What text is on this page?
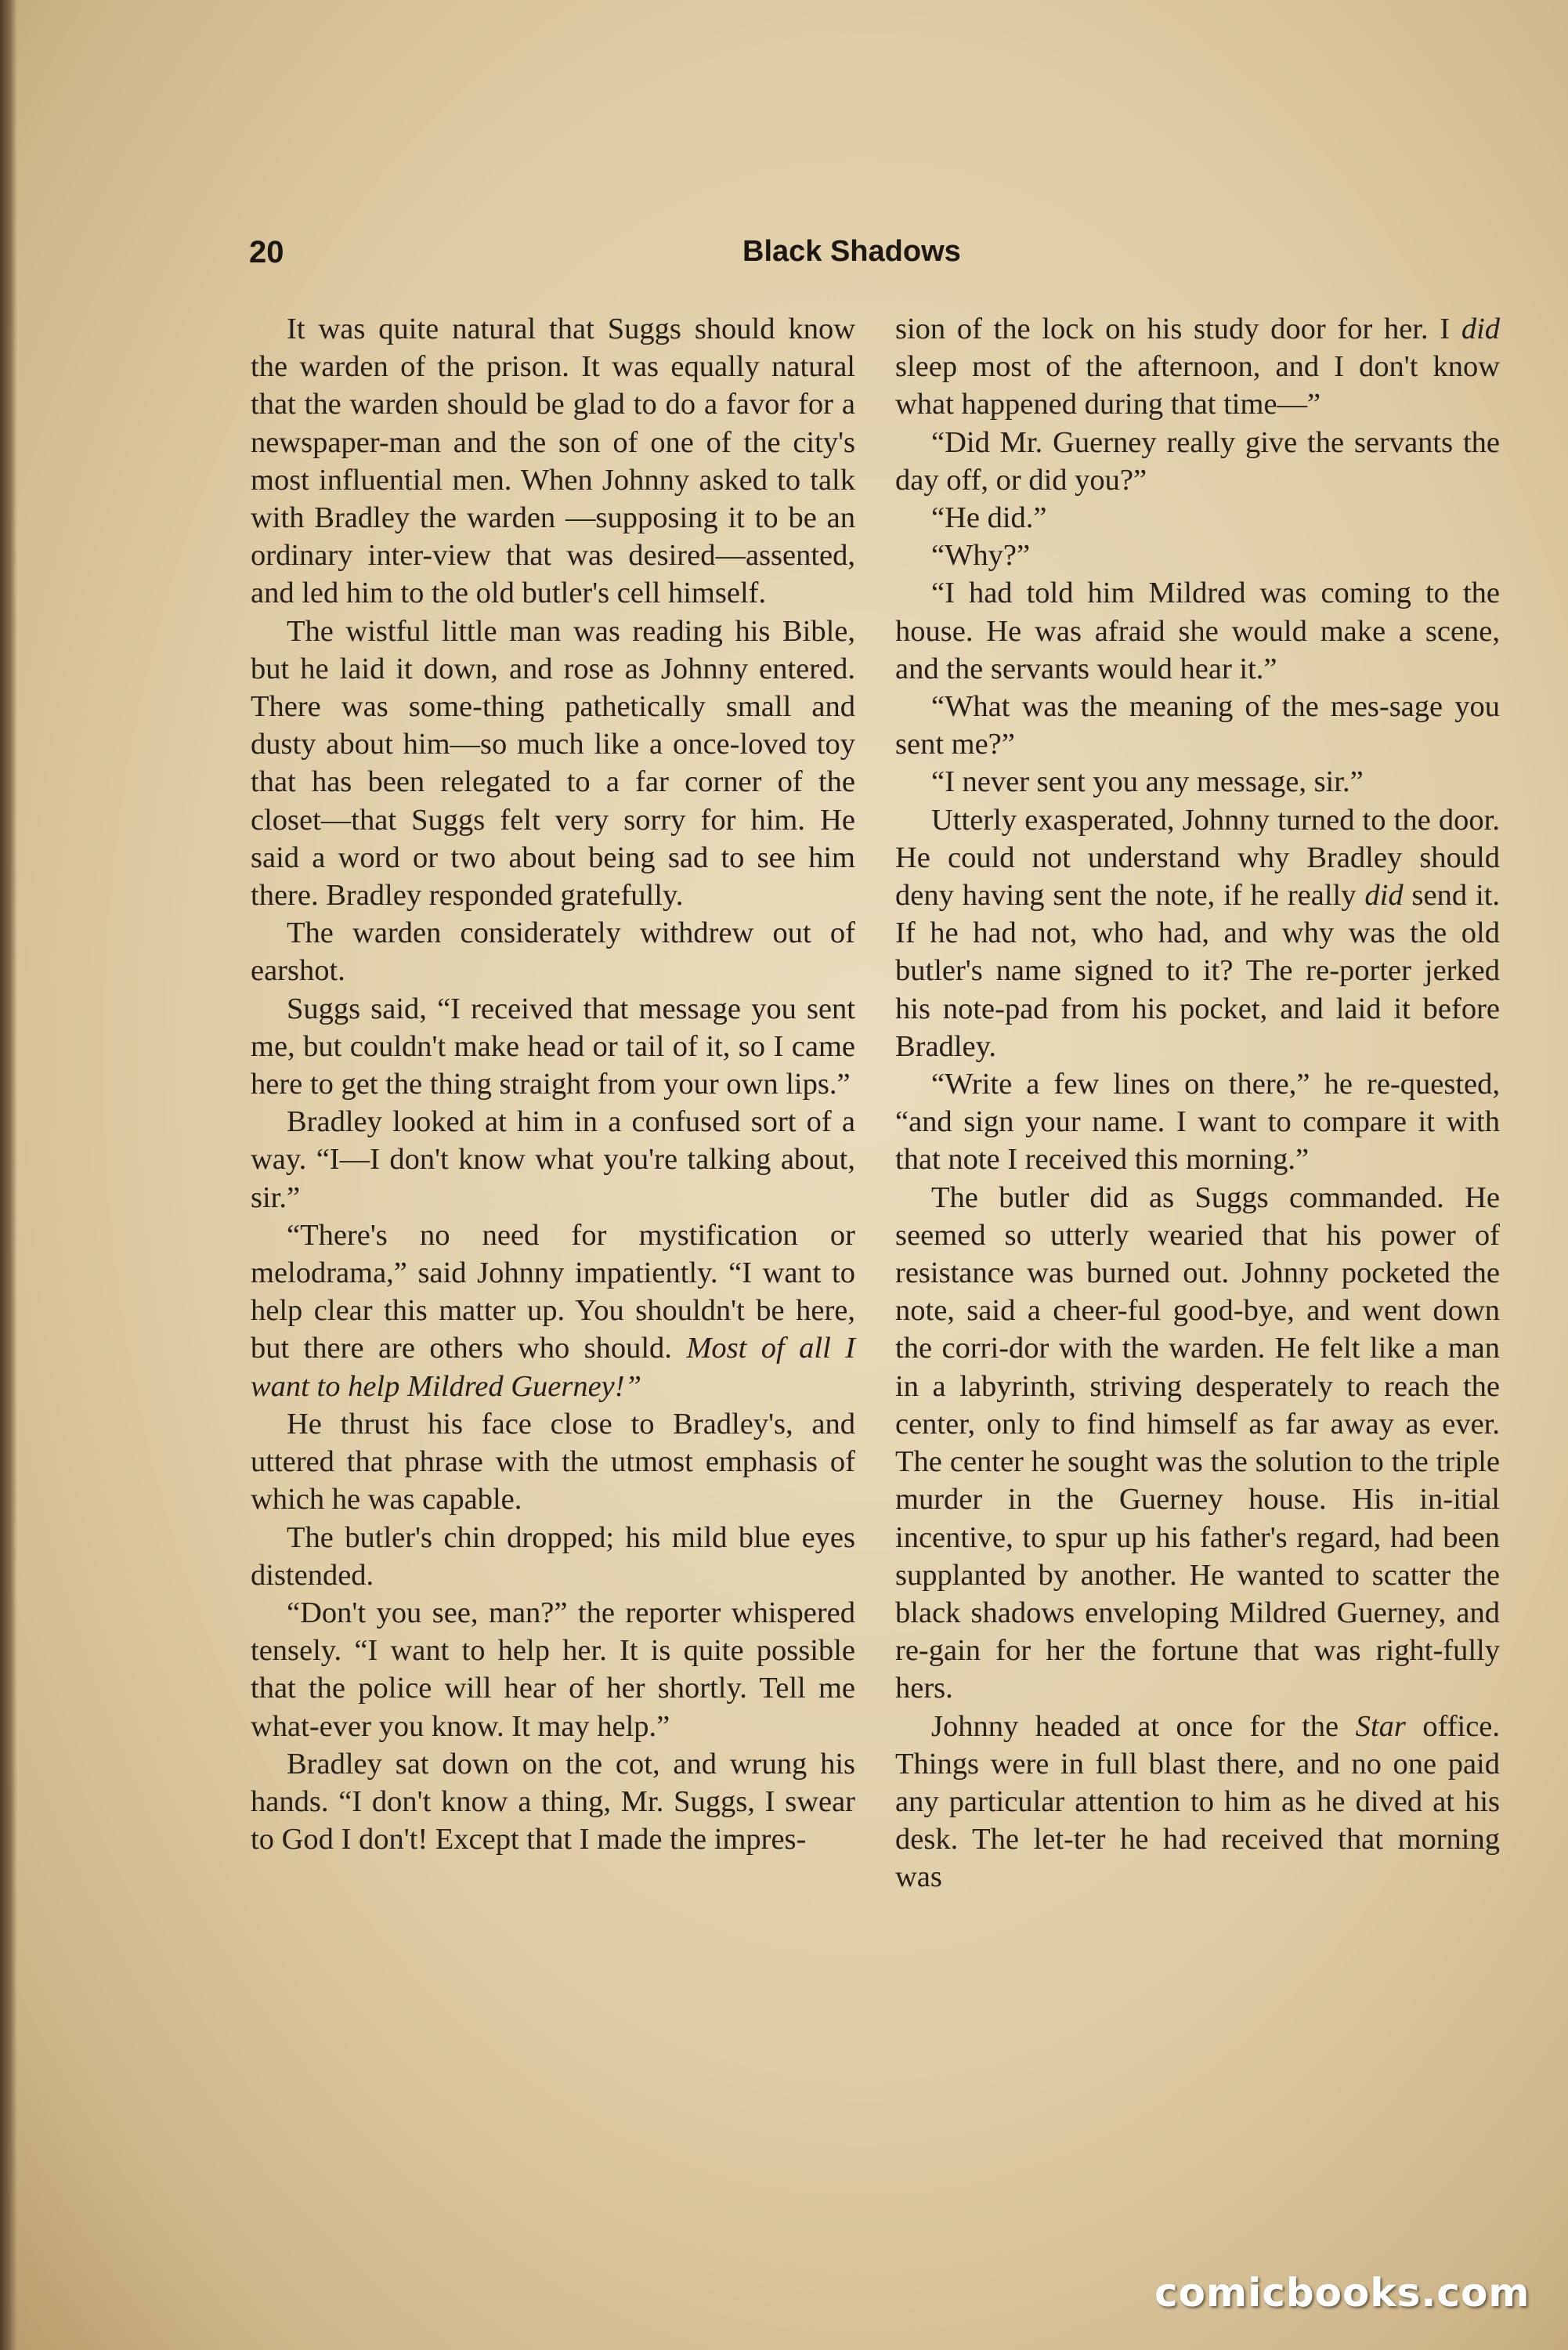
20	Black Shadows

It was quite natural that Suggs should know the warden of the prison. It was equally natural that the warden should be glad to do a favor for a newspaper-man and the son of one of the city's most influential men. When Johnny asked to talk with Bradley the warden —supposing it to be an ordinary inter-view that was desired—assented, and led him to the old butler's cell himself.

The wistful little man was reading his Bible, but he laid it down, and rose as Johnny entered. There was some-thing pathetically small and dusty about him—so much like a once-loved toy that has been relegated to a far corner of the closet—that Suggs felt very sorry for him. He said a word or two about being sad to see him there. Bradley responded gratefully.

The warden considerately withdrew out of earshot.

Suggs said, “I received that message you sent me, but couldn't make head or tail of it, so I came here to get the thing straight from your own lips.”

Bradley looked at him in a confused sort of a way. “I—I don't know what you're talking about, sir.”

“There's no need for mystification or melodrama,” said Johnny impatiently. “I want to help clear this matter up. You shouldn't be here, but there are others who should. Most of all I want to help Mildred Guerney!”

He thrust his face close to Bradley's, and uttered that phrase with the utmost emphasis of which he was capable.

The butler's chin dropped; his mild blue eyes distended.

“Don't you see, man?” the reporter whispered tensely. “I want to help her. It is quite possible that the police will hear of her shortly. Tell me what-ever you know. It may help.”

Bradley sat down on the cot, and wrung his hands. “I don't know a thing, Mr. Suggs, I swear to God I don't! Except that I made the impres-

sion of the lock on his study door for her. I did sleep most of the afternoon, and I don't know what happened during that time—”

“Did Mr. Guerney really give the servants the day off, or did you?”

“He did.”

“Why?”

“I had told him Mildred was coming to the house. He was afraid she would make a scene, and the servants would hear it.”

“What was the meaning of the mes-sage you sent me?”

“I never sent you any message, sir.”

Utterly exasperated, Johnny turned to the door. He could not understand why Bradley should deny having sent the note, if he really did send it. If he had not, who had, and why was the old butler's name signed to it? The re-porter jerked his note-pad from his pocket, and laid it before Bradley.

“Write a few lines on there,” he re-quested, “and sign your name. I want to compare it with that note I received this morning.”

The butler did as Suggs commanded. He seemed so utterly wearied that his power of resistance was burned out. Johnny pocketed the note, said a cheer-ful good-bye, and went down the corri-dor with the warden. He felt like a man in a labyrinth, striving desperately to reach the center, only to find himself as far away as ever. The center he sought was the solution to the triple murder in the Guerney house. His in-itial incentive, to spur up his father's regard, had been supplanted by another. He wanted to scatter the black shadows enveloping Mildred Guerney, and re-gain for her the fortune that was right-fully hers.

Johnny headed at once for the Star office. Things were in full blast there, and no one paid any particular attention to him as he dived at his desk. The let-ter he had received that morning was

comicbooks.com
